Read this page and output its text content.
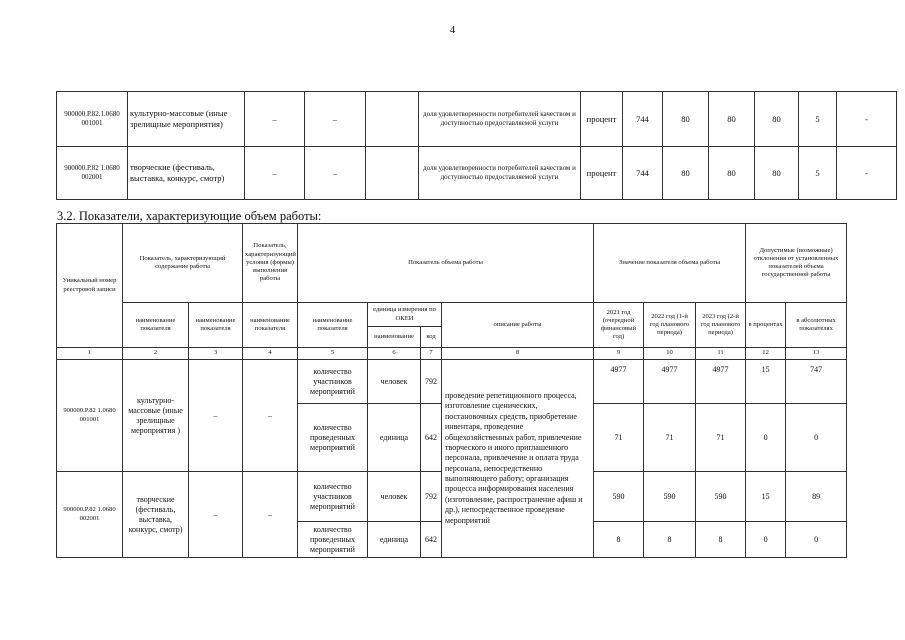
4
900000.Р.82.1.0680 001001	культурно-массовые (иные зрелищные мероприятия)	–	–		доля удовлетворенности потребителей качеством и доступностью предоставляемой услуги	процент	744	80	80	80	5	-
900000.Р.82 1.0680 002001	творческие (фестиваль, выставка, конкурс, смотр)	–	–		доля удовлетворенности потребителей качеством и доступностью предоставляемой услуги	процент	744	80	80	80	5	-
3.2. Показатели, характеризующие объем работы:
Уникальный номер реестровой записи	Показатель, характеризующий содержание работы		Показатель, характеризующий условия (формы) выполнения работы	Показатель объема работы				Значение показателя объема работы			Допустимые (возможные) отклонения от установленных показателей объема государственной работы	
	наименование показателя	наименование показателя	наименование показателя	наименование показателя	единица измерения по ОКЕИ		описание работы	2021 год (очередной финансовый год)	2022 год (1-й год планового периода)	2023 год (2-й год планового периода)	в процентах	в абсолютных показателях
					наименование	код						
1	2	3	4	5	6	7	8	9	10	11	12	13
900000.Р.82 1.0680 001001	культурно-массовые (иные зрелищные мероприятия )	–	–	количество участников мероприятий	человек	792	проведение репетиционного процесса, изготовление сценических, постановочных средств, приобретение инвентаря, проведение общехозяйственных работ, привлечение творческого и иного приглашенного персонала, привлечение и оплата труда персонала, непосредственно выполняющего работу; организация процесса информирования населения (изготовление, распространение афиш и др.), непосредственное проведение мероприятий	4977	4977	4977	15	747
				количество проведенных мероприятий	единица	642		71	71	71	0	0
900000.Р.82 1.0680 002001	творческие (фестиваль, выставка, конкурс, смотр)	–	–	количество участников мероприятий	человек	792		590	590	590	15	89
				количество проведенных мероприятий	единица	642		8	8	8	0	0
